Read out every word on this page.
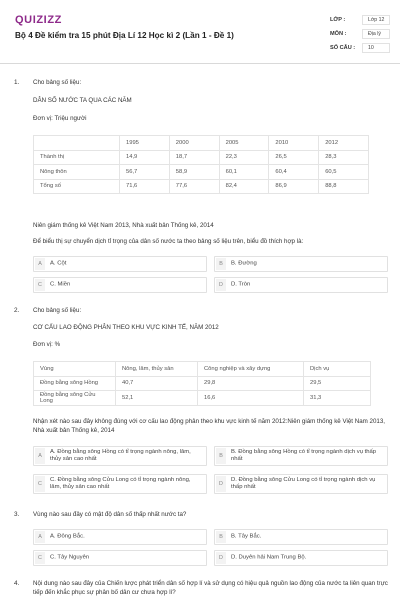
QUIZIZZ
Bộ 4 Đề kiểm tra 15 phút Địa Lí 12 Học kì 2 (Lần 1 - Đề 1)
LỚP :	Lớp 12
MÔN :	Địa lý
SỐ CÂU :	10
1. Cho bảng số liệu:
DÂN SỐ NƯỚC TA QUA CÁC NĂM
Đơn vị: Triệu người
	1995	2000	2005	2010	2012
Thành thị	14,9	18,7	22,3	26,5	28,3
Nông thôn	56,7	58,9	60,1	60,4	60,5
Tổng số	71,6	77,6	82,4	86,9	88,8
Niên giám thống kê Việt Nam 2013, Nhà xuất bản Thống kê, 2014
Để biểu thị sự chuyển dịch tỉ trọng của dân số nước ta theo bảng số liệu trên, biểu đồ thích hợp là:
A	A. Cột	B	B. Đường
C	C. Miền	D	D. Tròn
2. Cho bảng số liệu:
CƠ CẤU LAO ĐỘNG PHÂN THEO KHU VỰC KINH TẾ, NĂM 2012
Đơn vị: %
Vùng	Nông, lâm, thủy sản	Công nghiệp và xây dựng	Dịch vụ
Đồng bằng sông Hồng	40,7	29,8	29,5
Đồng bằng sông Cửu Long	52,1	16,6	31,3
Nhận xét nào sau đây không đúng với cơ cấu lao động phân theo khu vực kinh tế năm 2012:Niên giám thống kê Việt Nam 2013, Nhà xuất bản Thống kê, 2014
A
A. Đồng bằng sông Hồng có tỉ trọng ngành nông, lâm, thủy sản cao nhất	B
B. Đồng bằng sông Hồng có tỉ trọng ngành dịch vụ thấp nhất
C
C. Đồng bằng sông Cửu Long có tỉ trọng ngành nông, lâm, thủy sản cao nhất	D
D. Đồng bằng sông Cửu Long có tỉ trọng ngành dịch vụ thấp nhất
3. Vùng nào sau đây có mật độ dân số thấp nhất nước ta?
A	A. Đông Bắc.	B	B. Tây Bắc.
C	C. Tây Nguyên	D	D. Duyên hải Nam Trung Bộ.
4. Nội dung nào sau đây của Chiến lược phát triển dân số hợp lí và sử dụng có hiệu quả nguồn lao động của nước ta liên quan trực tiếp đến khắc phục sự phân bố dân cư chưa hợp lí?
